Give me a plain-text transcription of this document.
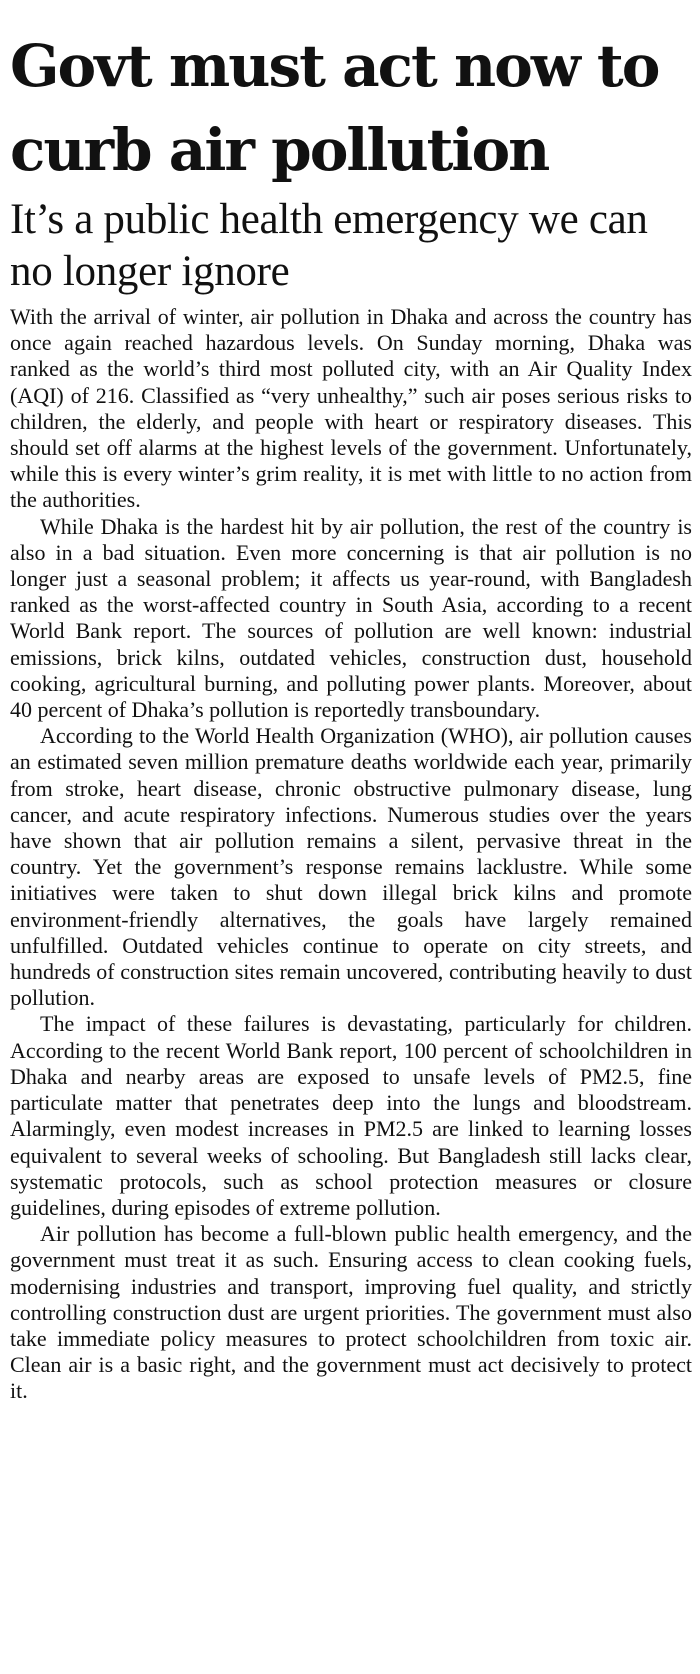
Govt must act now to curb air pollution
It’s a public health emergency we can no longer ignore

With the arrival of winter, air pollution in Dhaka and across the country has once again reached hazardous levels. On Sunday morning, Dhaka was ranked as the world’s third most polluted city, with an Air Quality Index (AQI) of 216. Classified as “very unhealthy,” such air poses serious risks to children, the elderly, and people with heart or respiratory diseases. This should set off alarms at the highest levels of the government. Unfortunately, while this is every winter’s grim reality, it is met with little to no action from the authorities.

While Dhaka is the hardest hit by air pollution, the rest of the country is also in a bad situation. Even more concerning is that air pollution is no longer just a seasonal problem; it affects us year-round, with Bangladesh ranked as the worst-affected country in South Asia, according to a recent World Bank report. The sources of pollution are well known: industrial emissions, brick kilns, outdated vehicles, construction dust, household cooking, agricultural burning, and polluting power plants. Moreover, about 40 percent of Dhaka’s pollution is reportedly transboundary.

According to the World Health Organization (WHO), air pollution causes an estimated seven million premature deaths worldwide each year, primarily from stroke, heart disease, chronic obstructive pulmonary disease, lung cancer, and acute respiratory infections. Numerous studies over the years have shown that air pollution remains a silent, pervasive threat in the country. Yet the government’s response remains lacklustre. While some initiatives were taken to shut down illegal brick kilns and promote environment-friendly alternatives, the goals have largely remained unfulfilled. Outdated vehicles continue to operate on city streets, and hundreds of construction sites remain uncovered, contributing heavily to dust pollution.

The impact of these failures is devastating, particularly for children. According to the recent World Bank report, 100 percent of schoolchildren in Dhaka and nearby areas are exposed to unsafe levels of PM2.5, fine particulate matter that penetrates deep into the lungs and bloodstream. Alarmingly, even modest increases in PM2.5 are linked to learning losses equivalent to several weeks of schooling. But Bangladesh still lacks clear, systematic protocols, such as school protection measures or closure guidelines, during episodes of extreme pollution.

Air pollution has become a full-blown public health emergency, and the government must treat it as such. Ensuring access to clean cooking fuels, modernising industries and transport, improving fuel quality, and strictly controlling construction dust are urgent priorities. The government must also take immediate policy measures to protect schoolchildren from toxic air. Clean air is a basic right, and the government must act decisively to protect it.
